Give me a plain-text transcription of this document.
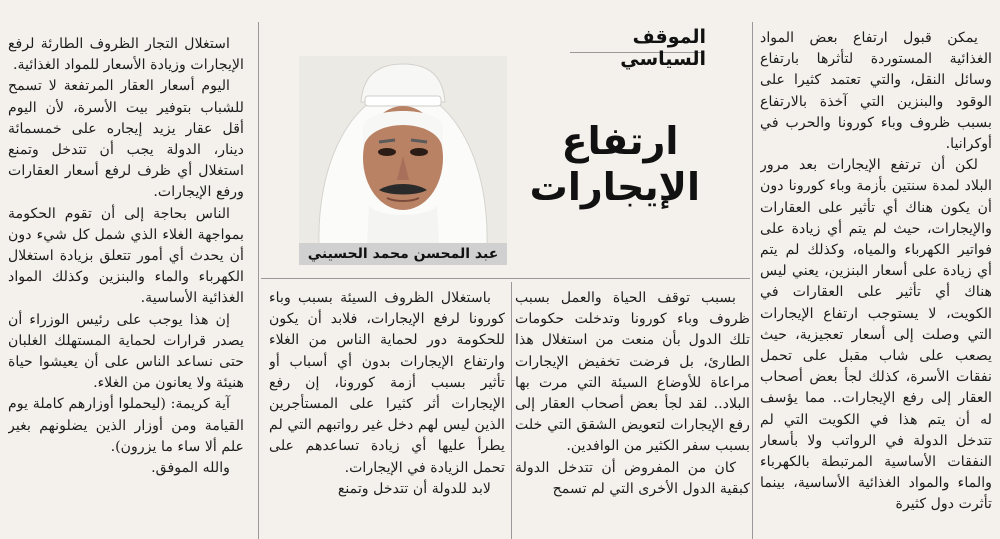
الموقف السياسي
ارتفاع
الإيجارات
عبد المحسن محمد الحسيني

يمكن قبول ارتفاع بعض المواد الغذائية المستوردة لتأثرها بارتفاع وسائل النقل، والتي تعتمد كثيرا على الوقود والبنزين التي آخذة بالارتفاع بسبب ظروف وباء كورونا والحرب في أوكرانيا.

لكن أن ترتفع الإيجارات بعد مرور البلاد لمدة سنتين بأزمة وباء كورونا دون أن يكون هناك أي تأثير على العقارات والإيجارات، حيث لم يتم أي زيادة على فواتير الكهرباء والمياه، وكذلك لم يتم أي زيادة على أسعار البنزين، يعني ليس هناك أي تأثير على العقارات في الكويت، لا يستوجب ارتفاع الإيجارات التي وصلت إلى أسعار تعجيزية، حيث يصعب على شاب مقبل على تحمل نفقات الأسرة، كذلك لجأ بعض أصحاب العقار إلى رفع الإيجارات.. مما يؤسف له أن يتم هذا في الكويت التي لم تتدخل الدولة في الرواتب ولا بأسعار النفقات الأساسية المرتبطة بالكهرباء والماء والمواد الغذائية الأساسية، بينما تأثرت دول كثيرة

بسبب توقف الحياة والعمل بسبب ظروف وباء كورونا وتدخلت حكومات تلك الدول بأن منعت من استغلال هذا الطارئ، بل فرضت تخفيض الإيجارات مراعاة للأوضاع السيئة التي مرت بها البلاد.. لقد لجأ بعض أصحاب العقار إلى رفع الإيجارات لتعويض الشقق التي خلت بسبب سفر الكثير من الوافدين.

كان من المفروض أن تتدخل الدولة كبقية الدول الأخرى التي لم تسمح

باستغلال الظروف السيئة بسبب وباء كورونا لرفع الإيجارات، فلابد أن يكون للحكومة دور لحماية الناس من الغلاء وارتفاع الإيجارات بدون أي أسباب أو تأثير بسبب أزمة كورونا، إن رفع الإيجارات أثر كثيرا على المستأجرين الذين ليس لهم دخل غير رواتبهم التي لم يطرأ عليها أي زيادة تساعدهم على تحمل الزيادة في الإيجارات.

لابد للدولة أن تتدخل وتمنع

استغلال التجار الظروف الطارئة لرفع الإيجارات وزيادة الأسعار للمواد الغذائية.

اليوم أسعار العقار المرتفعة لا تسمح للشباب بتوفير بيت الأسرة، لأن اليوم أقل عقار يزيد إيجاره على خمسمائة دينار، الدولة يجب أن تتدخل وتمنع استغلال أي ظرف لرفع أسعار العقارات ورفع الإيجارات.

الناس بحاجة إلى أن تقوم الحكومة بمواجهة الغلاء الذي شمل كل شيء دون أن يحدث أي أمور تتعلق بزيادة استغلال الكهرباء والماء والبنزين وكذلك المواد الغذائية الأساسية.

إن هذا يوجب على رئيس الوزراء أن يصدر قرارات لحماية المستهلك الغلبان حتى نساعد الناس على أن يعيشوا حياة هنيئة ولا يعانون من الغلاء.

آية كريمة: (ليحملوا أوزارهم كاملة يوم القيامة ومن أوزار الذين يضلونهم بغير علم ألا ساء ما يزرون).

والله الموفق.
